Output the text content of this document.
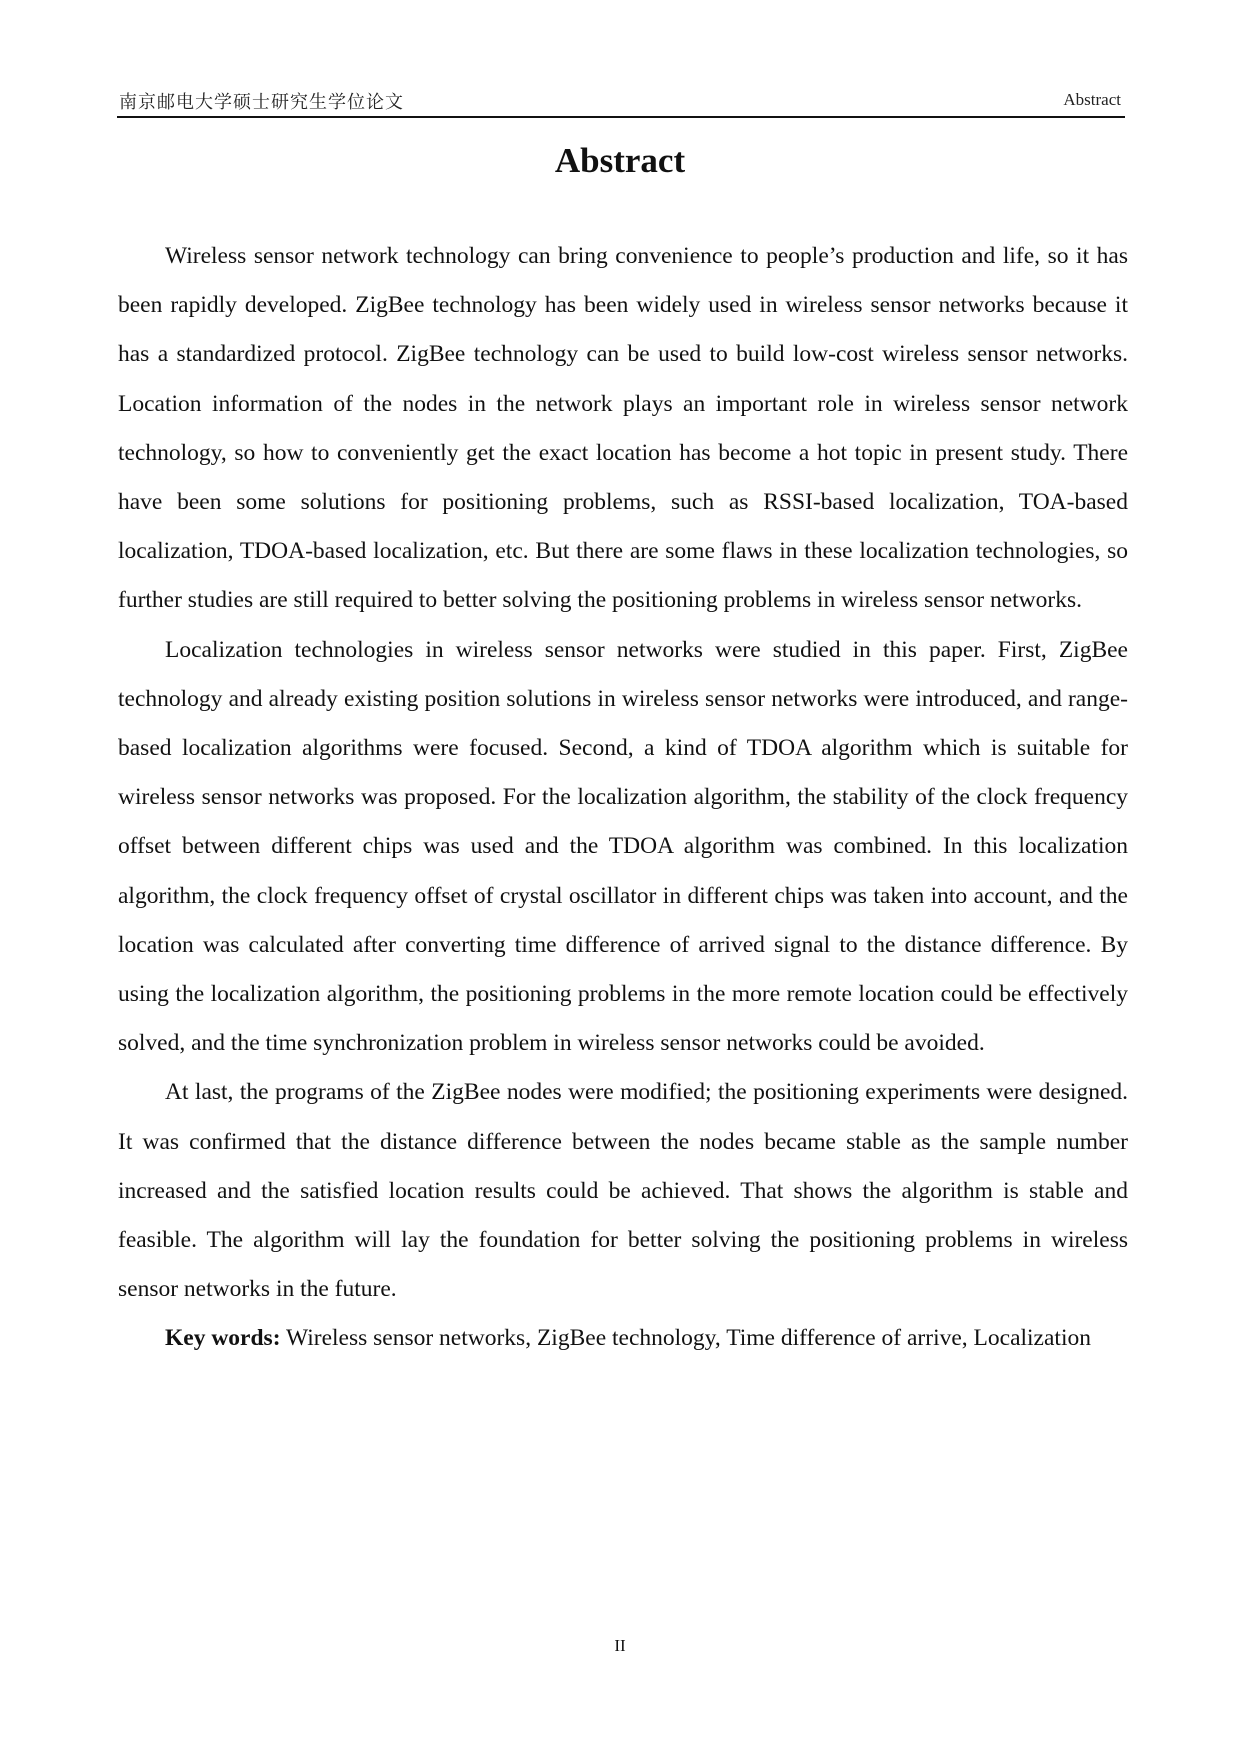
南京邮电大学硕士研究生学位论文	Abstract
Abstract

Wireless sensor network technology can bring convenience to people’s production and life, so it has been rapidly developed. ZigBee technology has been widely used in wireless sensor networks because it has a standardized protocol. ZigBee technology can be used to build low-cost wireless sensor networks. Location information of the nodes in the network plays an important role in wireless sensor network technology, so how to conveniently get the exact location has become a hot topic in present study. There have been some solutions for positioning problems, such as RSSI-based localization, TOA-based localization, TDOA-based localization, etc. But there are some flaws in these localization technologies, so further studies are still required to better solving the positioning problems in wireless sensor networks.

Localization technologies in wireless sensor networks were studied in this paper. First, ZigBee technology and already existing position solutions in wireless sensor networks were introduced, and range-based localization algorithms were focused. Second, a kind of TDOA algorithm which is suitable for wireless sensor networks was proposed. For the localization algorithm, the stability of the clock frequency offset between different chips was used and the TDOA algorithm was combined. In this localization algorithm, the clock frequency offset of crystal oscillator in different chips was taken into account, and the location was calculated after converting time difference of arrived signal to the distance difference. By using the localization algorithm, the positioning problems in the more remote location could be effectively solved, and the time synchronization problem in wireless sensor networks could be avoided.

At last, the programs of the ZigBee nodes were modified; the positioning experiments were designed. It was confirmed that the distance difference between the nodes became stable as the sample number increased and the satisfied location results could be achieved. That shows the algorithm is stable and feasible. The algorithm will lay the foundation for better solving the positioning problems in wireless sensor networks in the future.

Key words: Wireless sensor networks, ZigBee technology, Time difference of arrive, Localization

II
